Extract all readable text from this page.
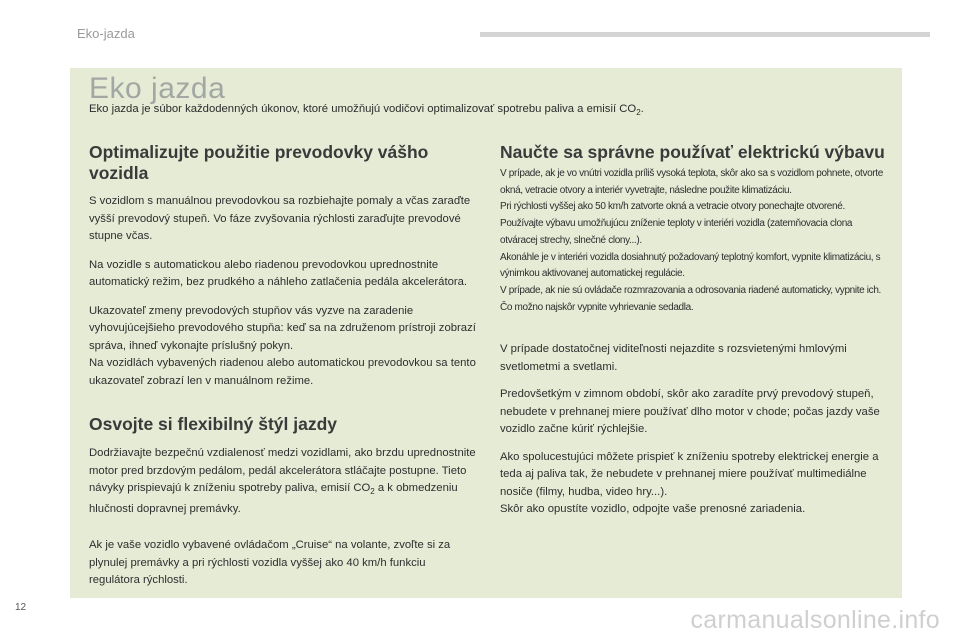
Eko-jazda
Eko jazda
Eko jazda je súbor každodenných úkonov, ktoré umožňujú vodičovi optimalizovať spotrebu paliva a emisií $CO_2$.
Optimalizujte použitie prevodovky vášho vozidla

S vozidlom s manuálnou prevodovkou sa rozbiehajte pomaly a včas zaraďte vyšší prevodový stupeň. Vo fáze zvyšovania rýchlosti zaraďujte prevodové stupne včas.

Na vozidle s automatickou alebo riadenou prevodovkou uprednostnite automatický režim, bez prudkého a náhleho zatlačenia pedála akcelerátora.

Ukazovateľ zmeny prevodových stupňov vás vyzve na zaradenie vyhovujúcejšieho prevodového stupňa: keď sa na združenom prístroji zobrazí správa, ihneď vykonajte príslušný pokyn.

Na vozidlách vybavených riadenou alebo automatickou prevodovkou sa tento ukazovateľ zobrazí len v manuálnom režime.

Osvojte si flexibilný štýl jazdy

Dodržiavajte bezpečnú vzdialenosť medzi vozidlami, ako brzdu uprednostnite motor pred brzdovým pedálom, pedál akcelerátora stláčajte postupne. Tieto návyky prispievajú k zníženiu spotreby paliva, emisií $CO_2$ a k obmedzeniu hlučnosti dopravnej premávky.

Ak je vaše vozidlo vybavené ovládačom „Cruise“ na volante, zvoľte si za plynulej premávky a pri rýchlosti vozidla vyššej ako 40 km/h funkciu regulátora rýchlosti.

Naučte sa správne používať elektrickú výbavu

V prípade, ak je vo vnútri vozidla príliš vysoká teplota, skôr ako sa s vozidlom pohnete, otvorte okná, vetracie otvory a interiér vyvetrajte, následne použite klimatizáciu.

Pri rýchlosti vyššej ako 50 km/h zatvorte okná a vetracie otvory ponechajte otvorené.

Používajte výbavu umožňujúcu zníženie teploty v interiéri vozidla (zatemňovacia clona otváracej strechy, slnečné clony...).

Akonáhle je v interiéri vozidla dosiahnutý požadovaný teplotný komfort, vypnite klimatizáciu, s výnimkou aktivovanej automatickej regulácie.

V prípade, ak nie sú ovládače rozmrazovania a odrosovania riadené automaticky, vypnite ich.

Čo možno najskôr vypnite vyhrievanie sedadla.

V prípade dostatočnej viditeľnosti nejazdite s rozsvietenými hmlovými svetlometmi a svetlami.

Predovšetkým v zimnom období, skôr ako zaradíte prvý prevodový stupeň, nebudete v prehnanej miere používať dlho motor v chode; počas jazdy vaše vozidlo začne kúriť rýchlejšie.

Ako spolucestujúci môžete prispieť k zníženiu spotreby elektrickej energie a teda aj paliva tak, že nebudete v prehnanej miere používať multimediálne nosiče (filmy, hudba, video hry...).

Skôr ako opustíte vozidlo, odpojte vaše prenosné zariadenia.

12	carmanualsonline.info
